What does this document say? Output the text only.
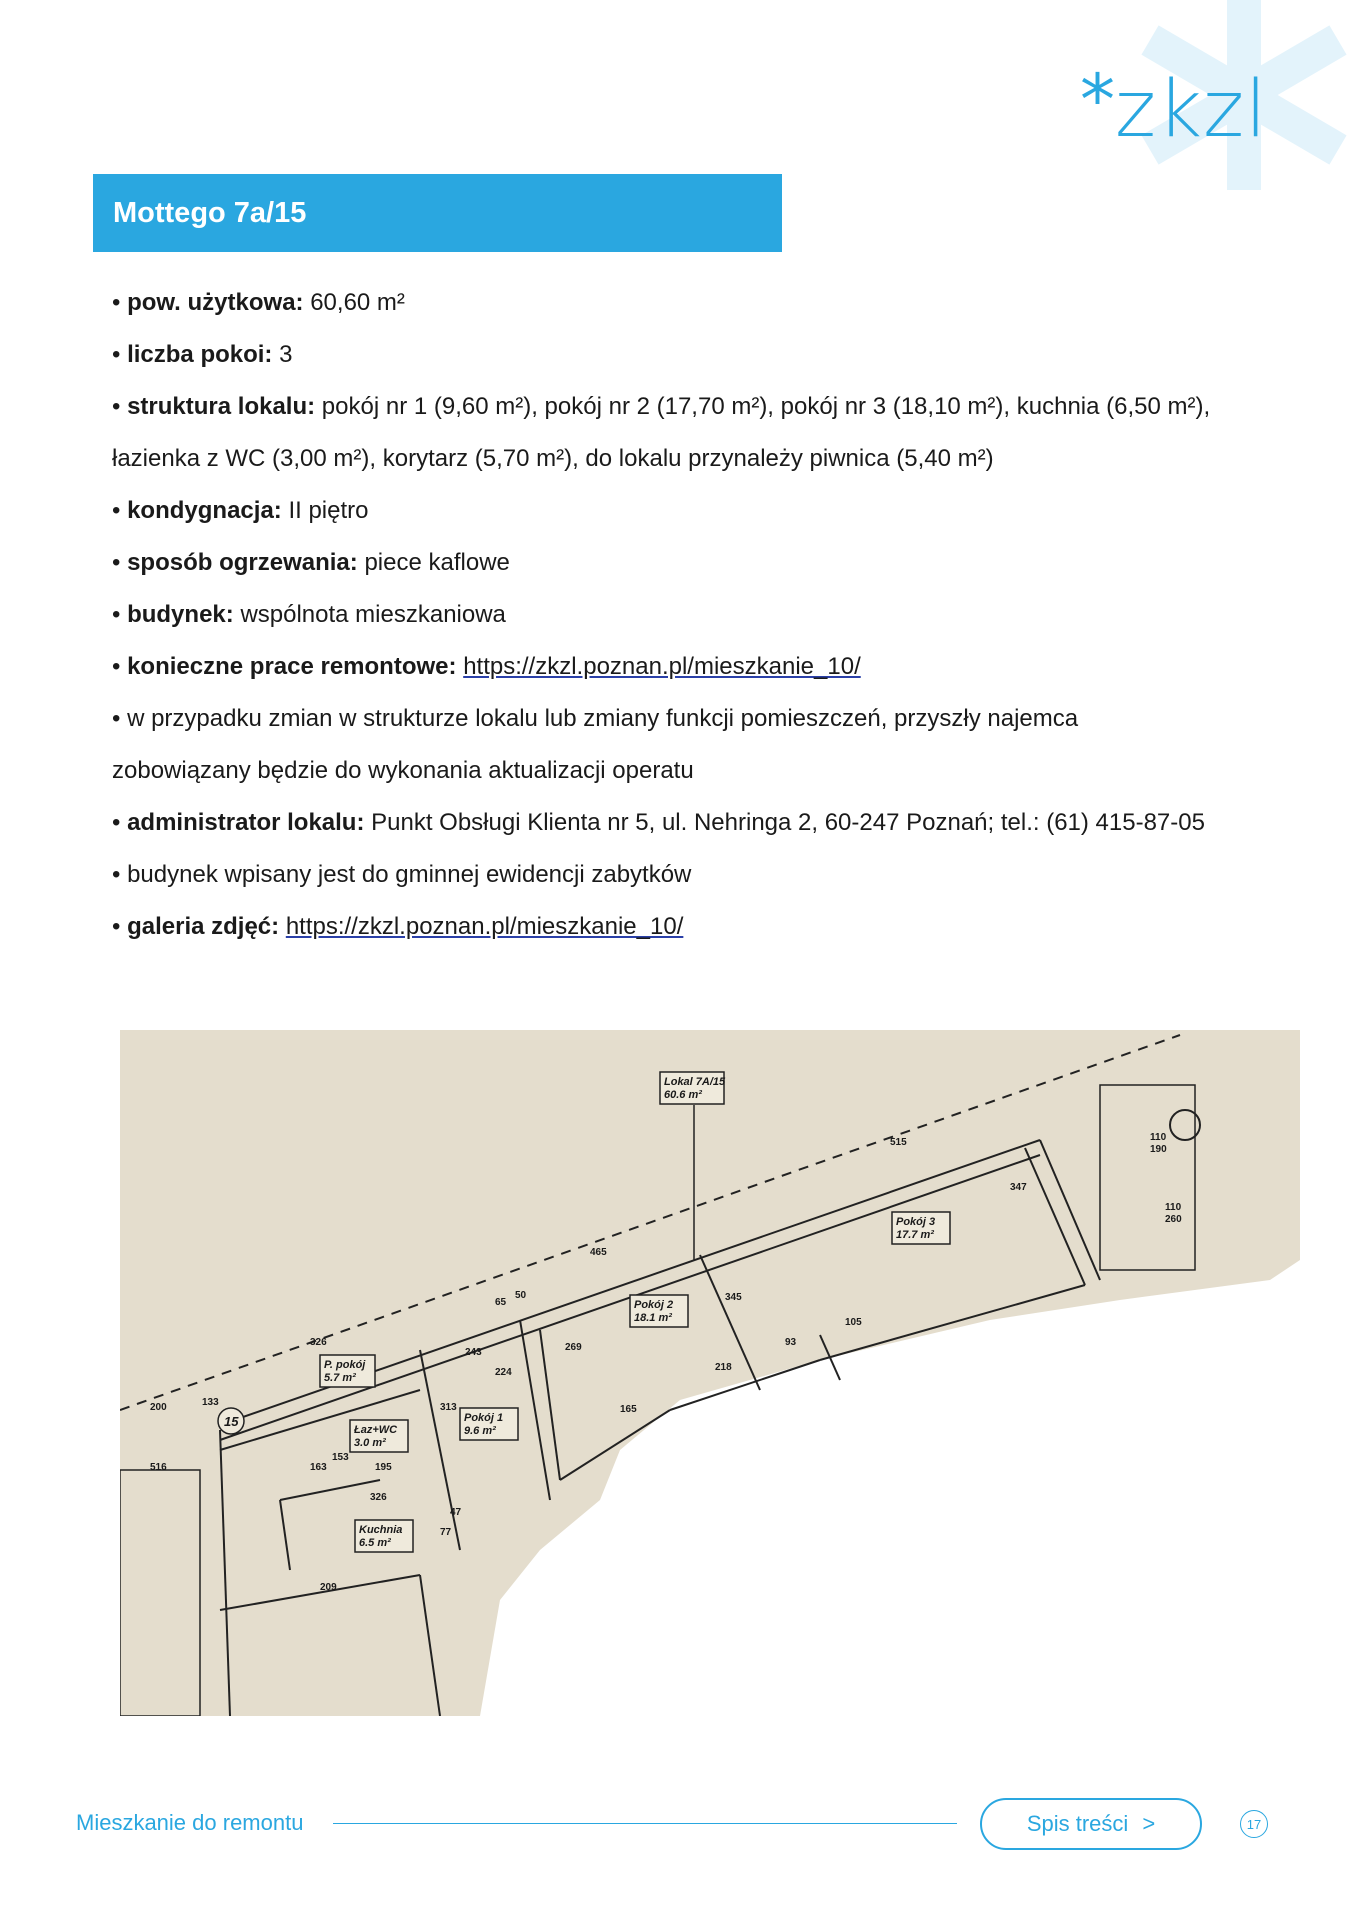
* zkzl
Mottego 7a/15
• pow. użytkowa: 60,60 m²
• liczba pokoi: 3
• struktura lokalu: pokój nr 1 (9,60 m²), pokój nr 2 (17,70 m²), pokój nr 3 (18,10 m²), kuchnia (6,50 m²),
łazienka z WC (3,00 m²), korytarz (5,70 m²), do lokalu przynależy piwnica (5,40 m²)
• kondygnacja: II piętro
• sposób ogrzewania: piece kaflowe
• budynek: wspólnota mieszkaniowa
• konieczne prace remontowe: https://zkzl.poznan.pl/mieszkanie_10/
• w przypadku zmian w strukturze lokalu lub zmiany funkcji pomieszczeń, przyszły najemca
zobowiązany będzie do wykonania aktualizacji operatu
• administrator lokalu: Punkt Obsługi Klienta nr 5, ul. Nehringa 2, 60-247 Poznań; tel.: (61) 415-87-05
• budynek wpisany jest do gminnej ewidencji zabytków
• galeria zdjęć: https://zkzl.poznan.pl/mieszkanie_10/
Lokal 7A/15
60.6 m²
Pokój 3
17.7 m²
Pokój 2
18.1 m²
Pokój 1
9.6 m²
P. pokój
5.7 m²
Łaz+WC
3.0 m²
Kuchnia
6.5 m²
15
515
465
345
326
243
224
269
313
195
326
209
163
153
93
105
218
165
50
65
47
77
347
110
190
110
260
133
200
516
Mieszkanie do remontu	Spis treści >	17
